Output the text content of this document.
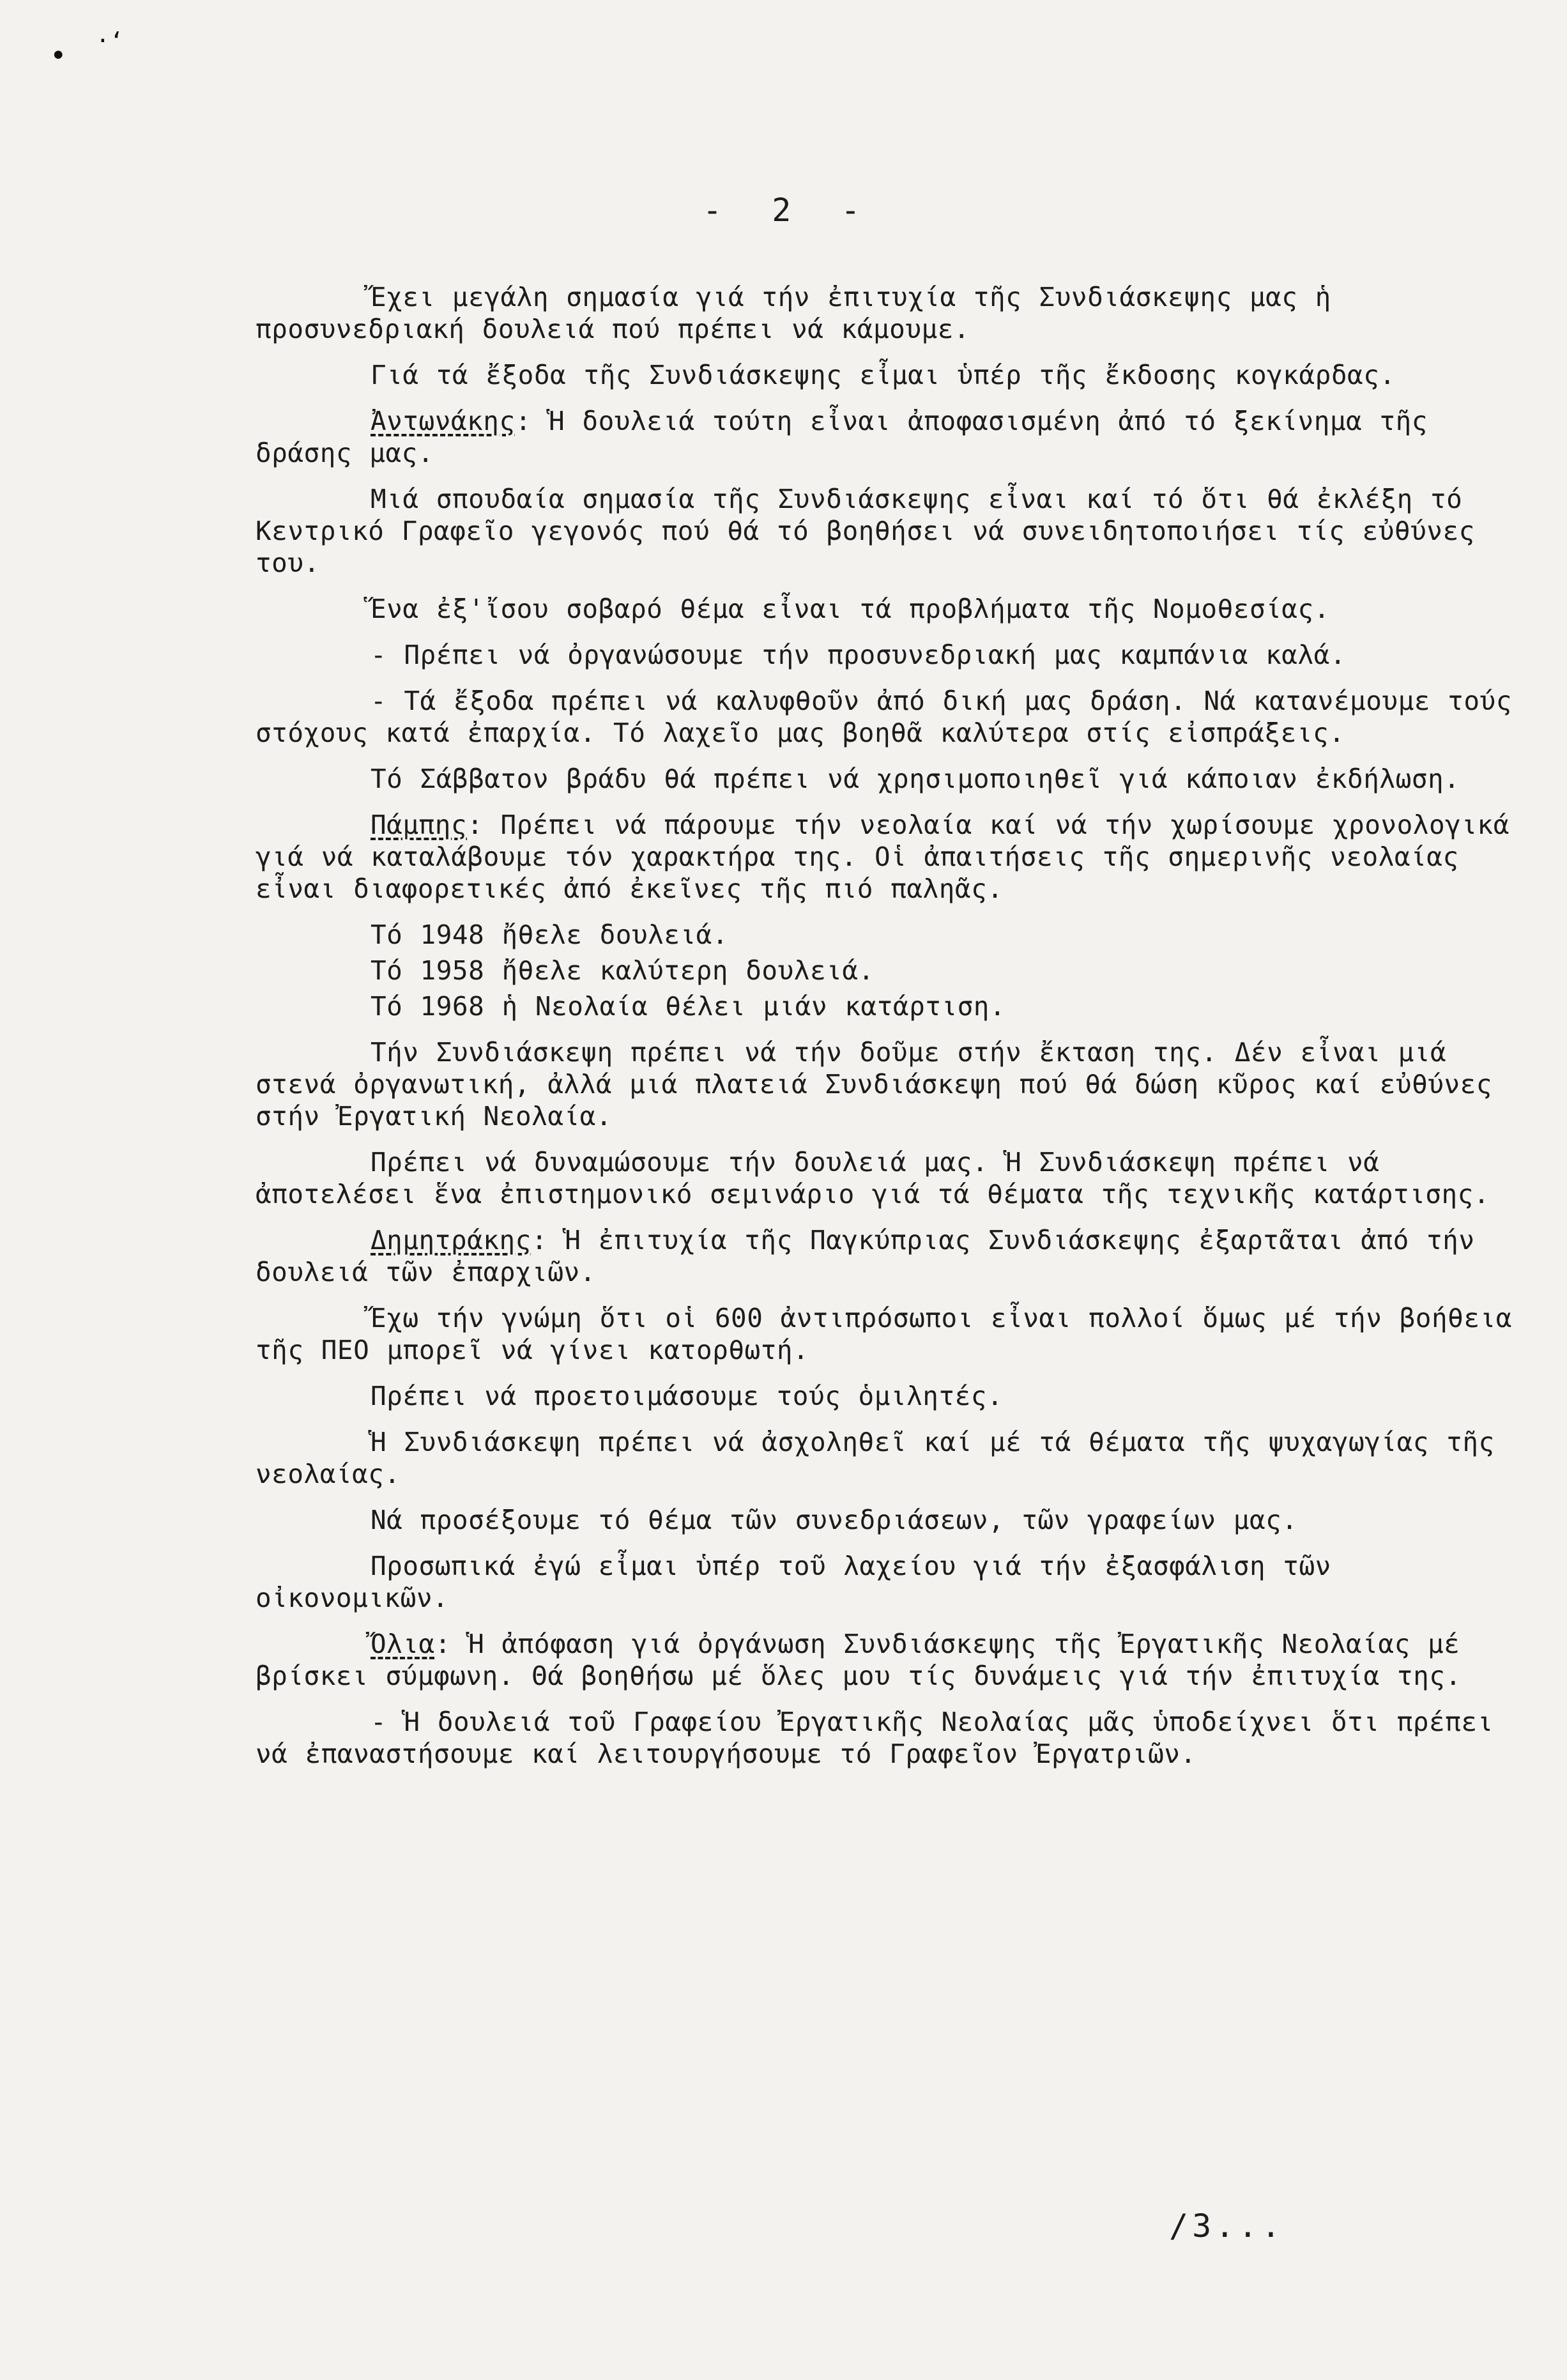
• ·‘
- 2 -

Ἔχει μεγάλη σημασία γιά τήν ἐπιτυχία τῆς Συνδιάσκεψης μας ἡ προσυνεδριακή δουλειά πού πρέπει νά κάμουμε.

Γιά τά ἔξοδα τῆς Συνδιάσκεψης εἶμαι ὑπέρ τῆς ἔκδοσης κογκάρδας.

Ἀντωνάκης: Ἡ δουλειά τούτη εἶναι ἀποφασισμένη ἀπό τό ξεκίνημα τῆς δράσης μας.

Μιά σπουδαία σημασία τῆς Συνδιάσκεψης εἶναι καί τό ὅτι θά ἐκλέξη τό Κεντρικό Γραφεῖο γεγονός πού θά τό βοηθήσει νά συνειδητοποιήσει τίς εὐθύνες του.

Ἕνα ἐξ'ἴσου σοβαρό θέμα εἶναι τά προβλήματα τῆς Νομοθεσίας.

- Πρέπει νά ὀργανώσουμε τήν προσυνεδριακή μας καμπάνια καλά.

- Τά ἔξοδα πρέπει νά καλυφθοῦν ἀπό δική μας δράση. Νά κατανέμουμε τούς στόχους κατά ἐπαρχία. Τό λαχεῖο μας βοηθᾶ καλύτερα στίς εἰσπράξεις.

Τό Σάββατον βράδυ θά πρέπει νά χρησιμοποιηθεῖ γιά κάποιαν ἐκδήλωση.

Πάμπης: Πρέπει νά πάρουμε τήν νεολαία καί νά τήν χωρίσουμε χρονολογικά γιά νά καταλάβουμε τόν χαρακτήρα της. Οἱ ἀπαιτήσεις τῆς σημερινῆς νεολαίας εἶναι διαφορετικές ἀπό ἐκεῖνες τῆς πιό παληᾶς.

Τό 1948 ἤθελε δουλειά.

Τό 1958 ἤθελε καλύτερη δουλειά.

Τό 1968 ἡ Νεολαία θέλει μιάν κατάρτιση.

Τήν Συνδιάσκεψη πρέπει νά τήν δοῦμε στήν ἔκταση της. Δέν εἶναι μιά στενά ὀργανωτική, ἀλλά μιά πλατειά Συνδιάσκεψη πού θά δώση κῦρος καί εὐθύνες στήν Ἐργατική Νεολαία.

Πρέπει νά δυναμώσουμε τήν δουλειά μας. Ἡ Συνδιάσκεψη πρέπει νά ἀποτελέσει ἕνα ἐπιστημονικό σεμινάριο γιά τά θέματα τῆς τεχνικῆς κατάρτισης.

Δημητράκης: Ἡ ἐπιτυχία τῆς Παγκύπριας Συνδιάσκεψης ἐξαρτᾶται ἀπό τήν δουλειά τῶν ἐπαρχιῶν.

Ἔχω τήν γνώμη ὅτι οἱ 600 ἀντιπρόσωποι εἶναι πολλοί ὅμως μέ τήν βοήθεια τῆς ΠΕΟ μπορεῖ νά γίνει κατορθωτή.

Πρέπει νά προετοιμάσουμε τούς ὁμιλητές.

Ἡ Συνδιάσκεψη πρέπει νά ἀσχοληθεῖ καί μέ τά θέματα τῆς ψυχαγωγίας τῆς νεολαίας.

Νά προσέξουμε τό θέμα τῶν συνεδριάσεων, τῶν γραφείων μας.

Προσωπικά ἐγώ εἶμαι ὑπέρ τοῦ λαχείου γιά τήν ἐξασφάλιση τῶν οἰκονομικῶν.

Ὄλια: Ἡ ἀπόφαση γιά ὀργάνωση Συνδιάσκεψης τῆς Ἐργατικῆς Νεολαίας μέ βρίσκει σύμφωνη. Θά βοηθήσω μέ ὅλες μου τίς δυνάμεις γιά τήν ἐπιτυχία της.

- Ἡ δουλειά τοῦ Γραφείου Ἐργατικῆς Νεολαίας μᾶς ὑποδείχνει ὅτι πρέπει νά ἐπαναστήσουμε καί λειτουργήσουμε τό Γραφεῖον Ἐργατριῶν.

/3...
